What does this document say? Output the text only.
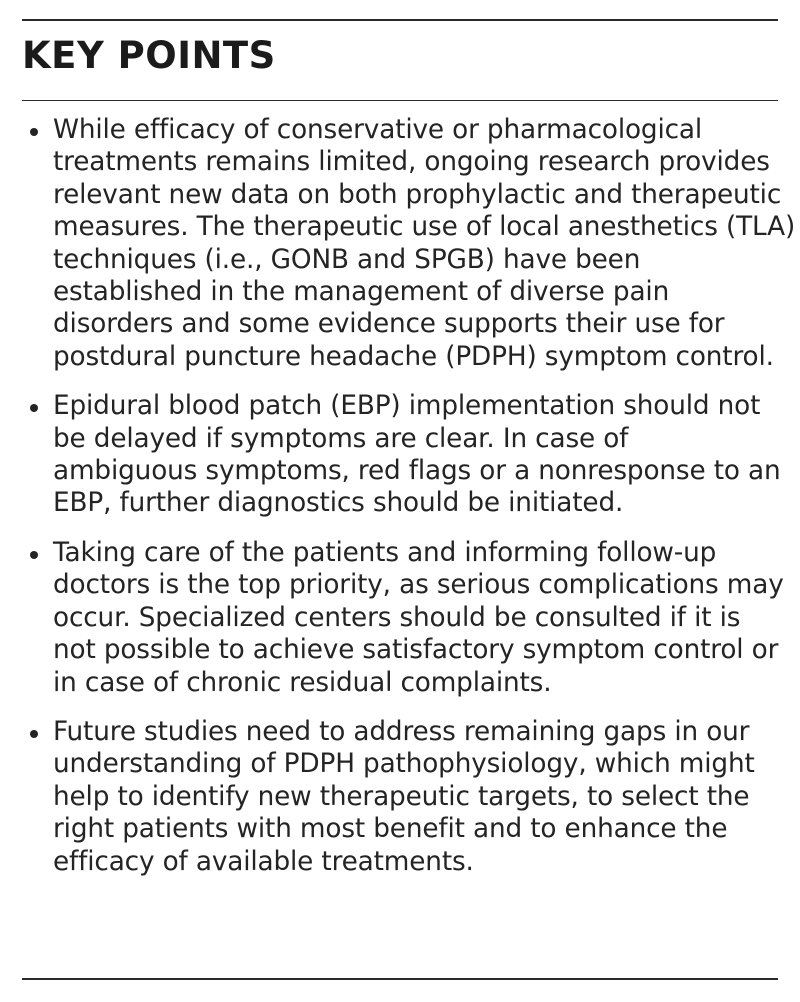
KEY POINTS
While efficacy of conservative or pharmacological
treatments remains limited, ongoing research provides
relevant new data on both prophylactic and therapeutic
measures. The therapeutic use of local anesthetics (TLA)
techniques (i.e., GONB and SPGB) have been
established in the management of diverse pain
disorders and some evidence supports their use for
postdural puncture headache (PDPH) symptom control.
Epidural blood patch (EBP) implementation should not
be delayed if symptoms are clear. In case of
ambiguous symptoms, red flags or a nonresponse to an
EBP, further diagnostics should be initiated.
Taking care of the patients and informing follow-up
doctors is the top priority, as serious complications may
occur. Specialized centers should be consulted if it is
not possible to achieve satisfactory symptom control or
in case of chronic residual complaints.
Future studies need to address remaining gaps in our
understanding of PDPH pathophysiology, which might
help to identify new therapeutic targets, to select the
right patients with most benefit and to enhance the
efficacy of available treatments.
